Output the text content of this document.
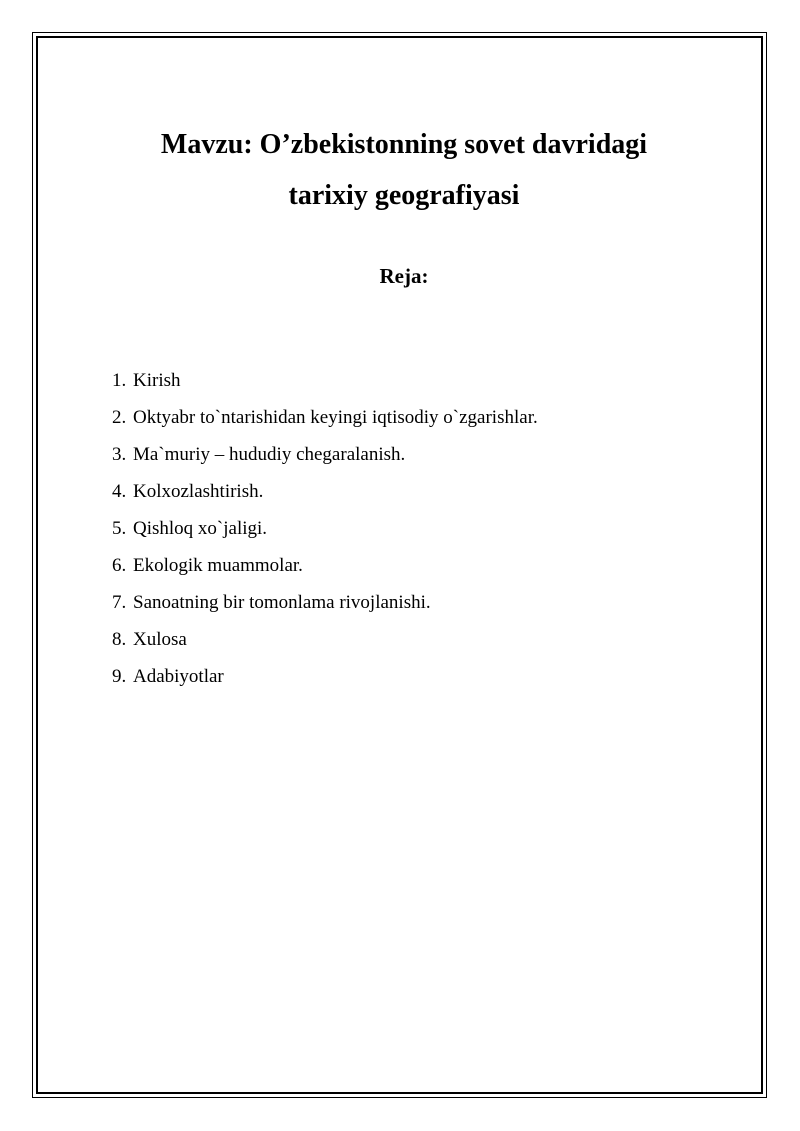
Mavzu: O’zbekistonning sovet davridagi
tarixiy geografiyasi
Reja:
1. Kirish
2. Oktyabr to`ntarishidan keyingi iqtisodiy o`zgarishlar.
3. Ma`muriy – hududiy chegaralanish.
4. Kolxozlashtirish.
5. Qishloq xo`jaligi.
6. Ekologik muammolar.
7. Sanoatning bir tomonlama rivojlanishi.
8. Xulosa
9. Adabiyotlar
